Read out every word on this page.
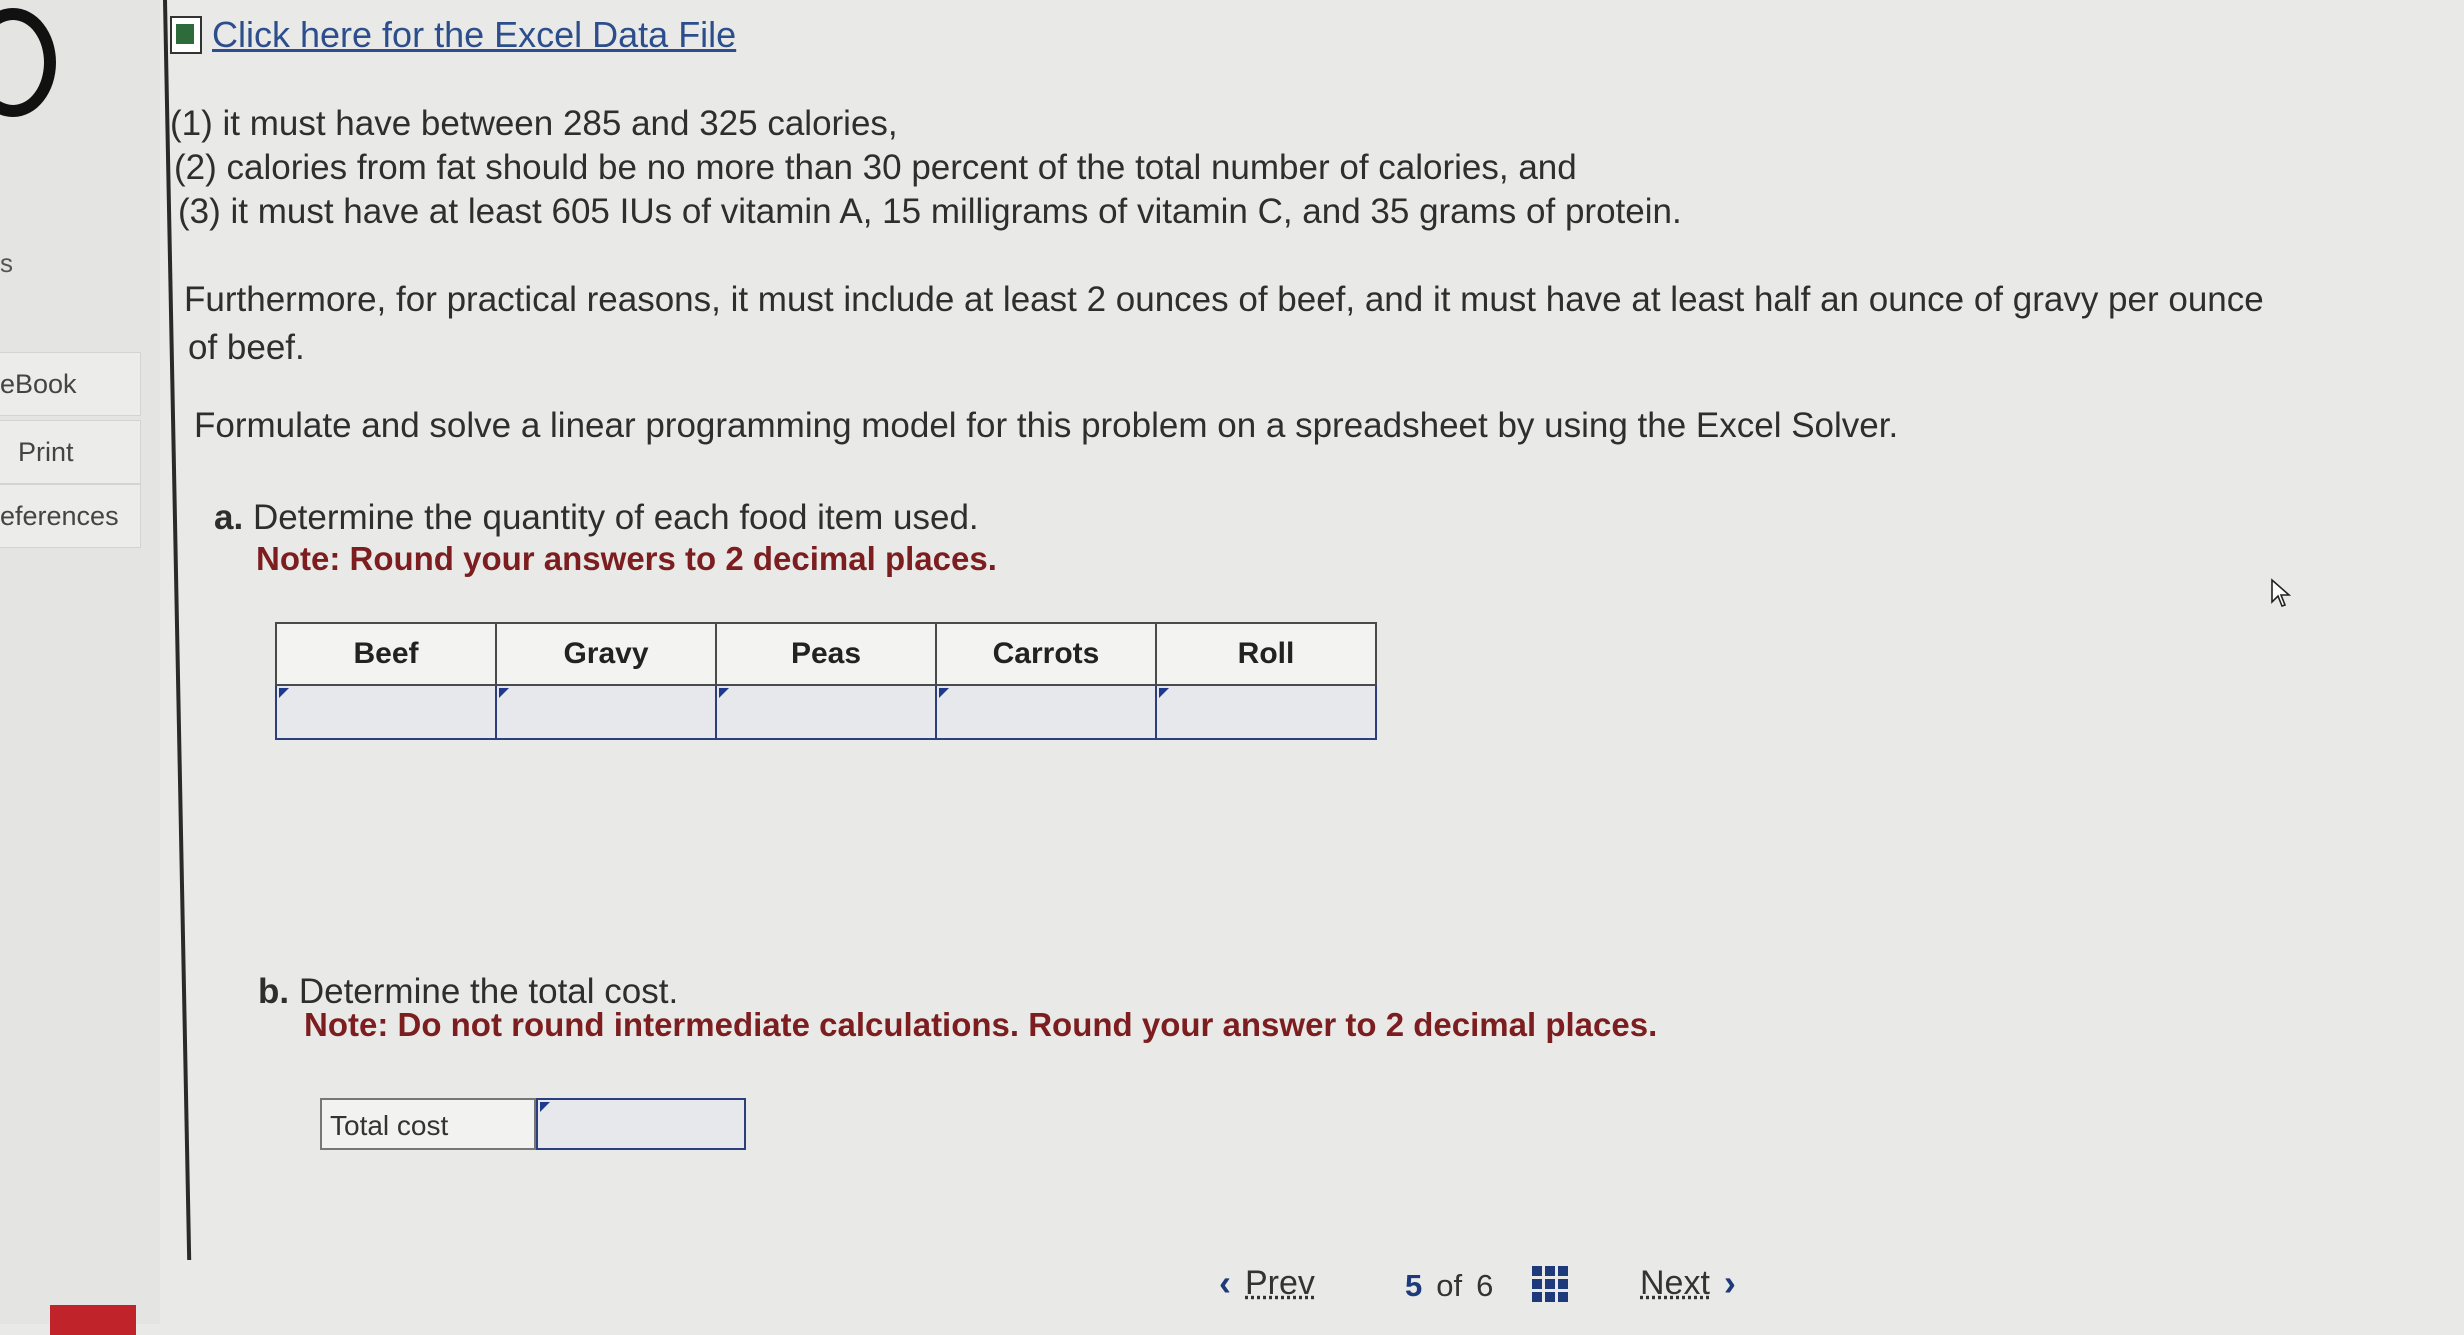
s
eBook
Print
eferences
Click here for the Excel Data File
(1) it must have between 285 and 325 calories,
(2) calories from fat should be no more than 30 percent of the total number of calories, and
(3) it must have at least 605 IUs of vitamin A, 15 milligrams of vitamin C, and 35 grams of protein.
Furthermore, for practical reasons, it must include at least 2 ounces of beef, and it must have at least half an ounce of gravy per ounce
of beef.
Formulate and solve a linear programming model for this problem on a spreadsheet by using the Excel Solver.
a. Determine the quantity of each food item used.
Note: Round your answers to 2 decimal places.
Beef	Gravy	Peas	Carrots	Roll

b. Determine the total cost.
Note: Do not round intermediate calculations. Round your answer to 2 decimal places.
Total cost
‹ Prev	5 of 6	Next ›
